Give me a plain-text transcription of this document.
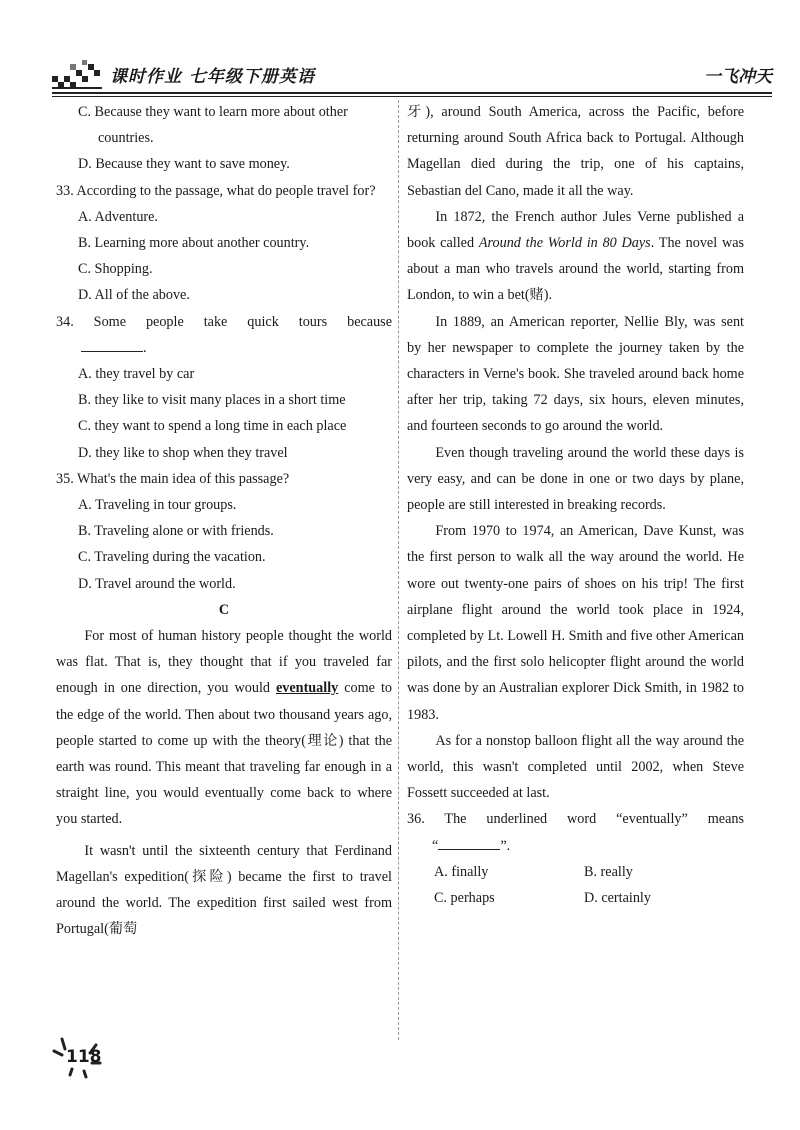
课时作业 七年级下册英语	一飞冲天
C. Because they want to learn more about other countries.
D. Because they want to save money.
33. According to the passage, what do people travel for?
A. Adventure.
B. Learning more about another country.
C. Shopping.
D. All of the above.
34. Some people take quick tours because
.
A. they travel by car
B. they like to visit many places in a short time
C. they want to spend a long time in each place
D. they like to shop when they travel
35. What's the main idea of this passage?
A. Traveling in tour groups.
B. Traveling alone or with friends.
C. Traveling during the vacation.
D. Travel around the world.
C
For most of human history people thought the world was flat. That is, they thought that if you traveled far enough in one direction, you would eventually come to the edge of the world. Then about two thousand years ago, people started to come up with the theory(理论) that the earth was round. This meant that traveling far enough in a straight line, you would eventually come back to where you started.
It wasn't until the sixteenth century that Ferdinand Magellan's expedition(探险) became the first to travel around the world. The expedition first sailed west from Portugal(葡萄
牙), around South America, across the Pacific, before returning around South Africa back to Portugal. Although Magellan died during the trip, one of his captains, Sebastian del Cano, made it all the way.
In 1872, the French author Jules Verne published a book called Around the World in 80 Days. The novel was about a man who travels around the world, starting from London, to win a bet(赌).
In 1889, an American reporter, Nellie Bly, was sent by her newspaper to complete the journey taken by the characters in Verne's book. She traveled around back home after her trip, taking 72 days, six hours, eleven minutes, and fourteen seconds to go around the world.
Even though traveling around the world these days is very easy, and can be done in one or two days by plane, people are still interested in breaking records.
From 1970 to 1974, an American, Dave Kunst, was the first person to walk all the way around the world. He wore out twenty-one pairs of shoes on his trip! The first airplane flight around the world took place in 1924, completed by Lt. Lowell H. Smith and five other American pilots, and the first solo helicopter flight around the world was done by an Australian explorer Dick Smith, in 1982 to 1983.
As for a nonstop balloon flight all the way around the world, this wasn't completed until 2002, when Steve Fossett succeeded at last.
36. The underlined word “eventually” means
“	”.
A. finally	B. really
C. perhaps	D. certainly
118
